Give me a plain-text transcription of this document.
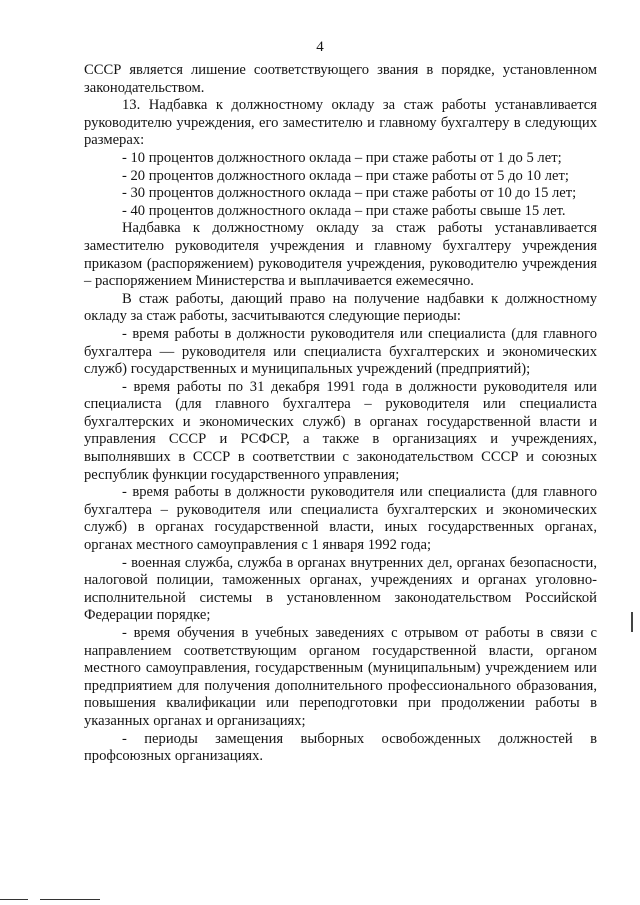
4

СССР является лишение соответствующего звания в порядке, установленном законодательством.

13. Надбавка к должностному окладу за стаж работы устанавливается руководителю учреждения, его заместителю и главному бухгалтеру в следующих размерах:

- 10 процентов должностного оклада – при стаже работы от 1 до 5 лет;

- 20 процентов должностного оклада – при стаже работы от 5 до 10 лет;

- 30 процентов должностного оклада – при стаже работы от 10 до 15 лет;

- 40 процентов должностного оклада – при стаже работы свыше 15 лет.

Надбавка к должностному окладу за стаж работы устанавливается заместителю руководителя учреждения и главному бухгалтеру учреждения приказом (распоряжением) руководителя учреждения, руководителю учреждения – распоряжением Министерства и выплачивается ежемесячно.

В стаж работы, дающий право на получение надбавки к должностному окладу за стаж работы, засчитываются следующие периоды:

- время работы в должности руководителя или специалиста (для главного бухгалтера — руководителя или специалиста бухгалтерских и экономических служб) государственных и муниципальных учреждений (предприятий);

- время работы по 31 декабря 1991 года в должности руководителя или специалиста (для главного бухгалтера – руководителя или специалиста бухгалтерских и экономических служб) в органах государственной власти и управления СССР и РСФСР, а также в организациях и учреждениях, выполнявших в СССР в соответствии с законодательством СССР и союзных республик функции государственного управления;

- время работы в должности руководителя или специалиста (для главного бухгалтера – руководителя или специалиста бухгалтерских и экономических служб) в органах государственной власти, иных государственных органах, органах местного самоуправления с 1 января 1992 года;

- военная служба, служба в органах внутренних дел, органах безопасности, налоговой полиции, таможенных органах, учреждениях и органах уголовно-исполнительной системы в установленном законодательством Российской Федерации порядке;

- время обучения в учебных заведениях с отрывом от работы в связи с направлением соответствующим органом государственной власти, органом местного самоуправления, государственным (муниципальным) учреждением или предприятием для получения дополнительного профессионального образования, повышения квалификации или переподготовки при продолжении работы в указанных органах и организациях;

- периоды замещения выборных освобожденных должностей в профсоюзных организациях.
